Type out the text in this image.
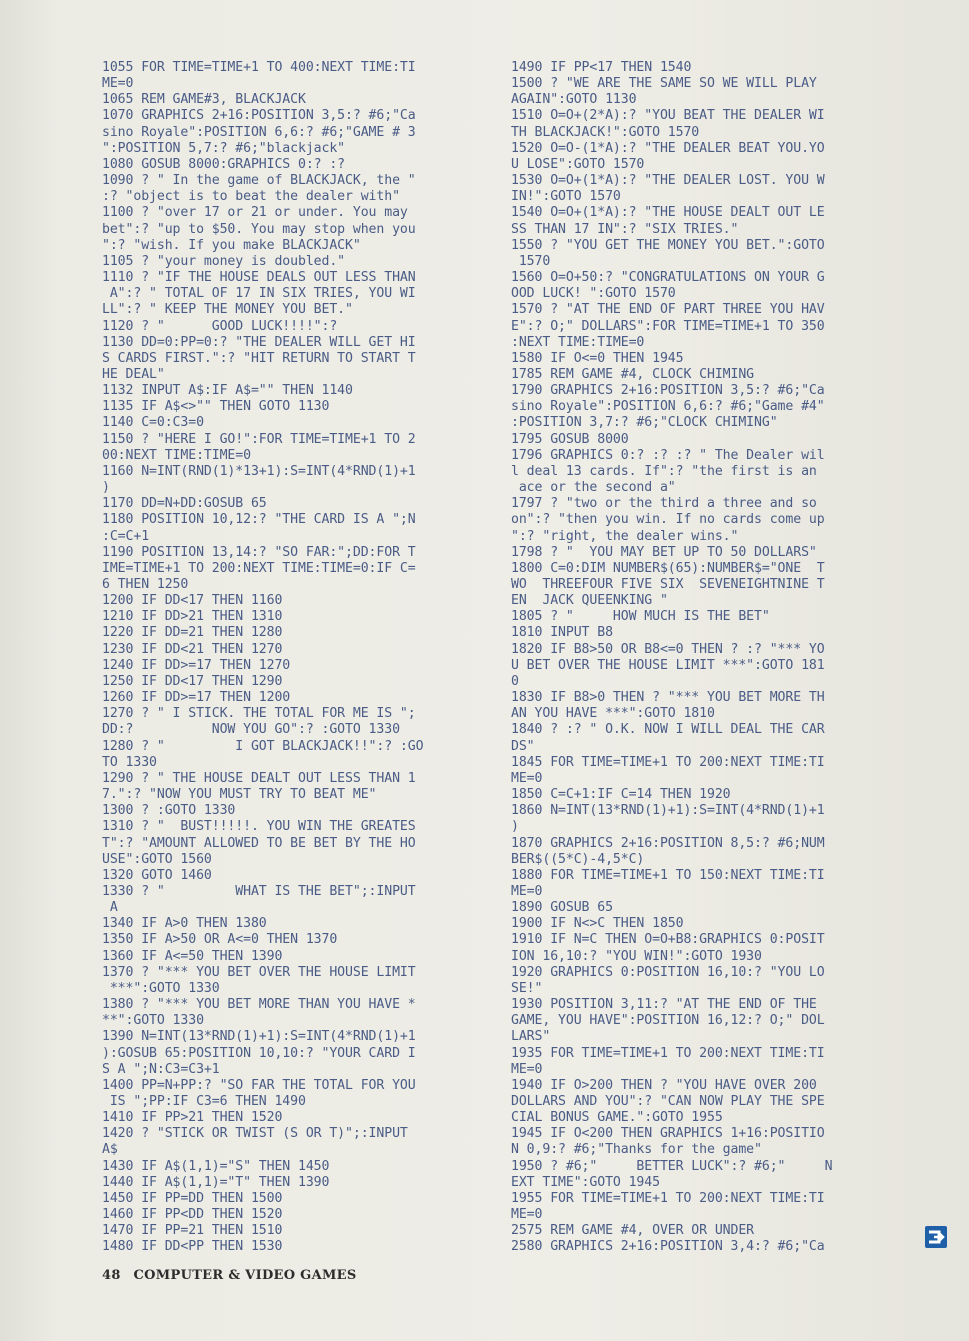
1055 FOR TIME=TIME+1 TO 400:NEXT TIME:TI
ME=0
1065 REM GAME#3, BLACKJACK
1070 GRAPHICS 2+16:POSITION 3,5:? #6;"Ca
sino Royale":POSITION 6,6:? #6;"GAME # 3
":POSITION 5,7:? #6;"blackjack"
1080 GOSUB 8000:GRAPHICS 0:? :?
1090 ? " In the game of BLACKJACK, the "
:? "object is to beat the dealer with"
1100 ? "over 17 or 21 or under. You may
bet":? "up to $50. You may stop when you
":? "wish. If you make BLACKJACK"
1105 ? "your money is doubled."
1110 ? "IF THE HOUSE DEALS OUT LESS THAN
A":? " TOTAL OF 17 IN SIX TRIES, YOU WI
LL":? " KEEP THE MONEY YOU BET."
1120 ? "      GOOD LUCK!!!!":?
1130 DD=0:PP=0:? "THE DEALER WILL GET HI
S CARDS FIRST.":? "HIT RETURN TO START T
HE DEAL"
1132 INPUT A$:IF A$="" THEN 1140
1135 IF A$<>"" THEN GOTO 1130
1140 C=0:C3=0
1150 ? "HERE I GO!":FOR TIME=TIME+1 TO 2
00:NEXT TIME:TIME=0
1160 N=INT(RND(1)*13+1):S=INT(4*RND(1)+1
)
1170 DD=N+DD:GOSUB 65
1180 POSITION 10,12:? "THE CARD IS A ";N
:C=C+1
1190 POSITION 13,14:? "SO FAR:";DD:FOR T
IME=TIME+1 TO 200:NEXT TIME:TIME=0:IF C=
6 THEN 1250
1200 IF DD<17 THEN 1160
1210 IF DD>21 THEN 1310
1220 IF DD=21 THEN 1280
1230 IF DD<21 THEN 1270
1240 IF DD>=17 THEN 1270
1250 IF DD<17 THEN 1290
1260 IF DD>=17 THEN 1200
1270 ? " I STICK. THE TOTAL FOR ME IS ";
DD:?          NOW YOU GO":? :GOTO 1330
1280 ? "         I GOT BLACKJACK!!":? :GO
TO 1330
1290 ? " THE HOUSE DEALT OUT LESS THAN 1
7.":? "NOW YOU MUST TRY TO BEAT ME"
1300 ? :GOTO 1330
1310 ? "  BUST!!!!!. YOU WIN THE GREATES
T":? "AMOUNT ALLOWED TO BE BET BY THE HO
USE":GOTO 1560
1320 GOTO 1460
1330 ? "         WHAT IS THE BET";:INPUT
A
1340 IF A>0 THEN 1380
1350 IF A>50 OR A<=0 THEN 1370
1360 IF A<=50 THEN 1390
1370 ? "*** YOU BET OVER THE HOUSE LIMIT
***":GOTO 1330
1380 ? "*** YOU BET MORE THAN YOU HAVE *
**":GOTO 1330
1390 N=INT(13*RND(1)+1):S=INT(4*RND(1)+1
):GOSUB 65:POSITION 10,10:? "YOUR CARD I
S A ";N:C3=C3+1
1400 PP=N+PP:? "SO FAR THE TOTAL FOR YOU
IS ";PP:IF C3=6 THEN 1490
1410 IF PP>21 THEN 1520
1420 ? "STICK OR TWIST (S OR T)";:INPUT
A$
1430 IF A$(1,1)="S" THEN 1450
1440 IF A$(1,1)="T" THEN 1390
1450 IF PP=DD THEN 1500
1460 IF PP<DD THEN 1520
1470 IF PP=21 THEN 1510
1480 IF DD<PP THEN 1530
1490 IF PP<17 THEN 1540
1500 ? "WE ARE THE SAME SO WE WILL PLAY
AGAIN":GOTO 1130
1510 O=O+(2*A):? "YOU BEAT THE DEALER WI
TH BLACKJACK!":GOTO 1570
1520 O=O-(1*A):? "THE DEALER BEAT YOU.YO
U LOSE":GOTO 1570
1530 O=O+(1*A):? "THE DEALER LOST. YOU W
IN!":GOTO 1570
1540 O=O+(1*A):? "THE HOUSE DEALT OUT LE
SS THAN 17 IN":? "SIX TRIES."
1550 ? "YOU GET THE MONEY YOU BET.":GOTO
1570
1560 O=O+50:? "CONGRATULATIONS ON YOUR G
OOD LUCK! ":GOTO 1570
1570 ? "AT THE END OF PART THREE YOU HAV
E":? O;" DOLLARS":FOR TIME=TIME+1 TO 350
:NEXT TIME:TIME=0
1580 IF O<=0 THEN 1945
1785 REM GAME #4, CLOCK CHIMING
1790 GRAPHICS 2+16:POSITION 3,5:? #6;"Ca
sino Royale":POSITION 6,6:? #6;"Game #4"
:POSITION 3,7:? #6;"CLOCK CHIMING"
1795 GOSUB 8000
1796 GRAPHICS 0:? :? :? " The Dealer wil
l deal 13 cards. If":? "the first is an
ace or the second a"
1797 ? "two or the third a three and so
on":? "then you win. If no cards come up
":? "right, the dealer wins."
1798 ? "  YOU MAY BET UP TO 50 DOLLARS"
1800 C=0:DIM NUMBER$(65):NUMBER$="ONE  T
WO  THREEFOUR FIVE SIX  SEVENEIGHTNINE T
EN  JACK QUEENKING "
1805 ? "     HOW MUCH IS THE BET"
1810 INPUT B8
1820 IF B8>50 OR B8<=0 THEN ? :? "*** YO
U BET OVER THE HOUSE LIMIT ***":GOTO 181
0
1830 IF B8>0 THEN ? "*** YOU BET MORE TH
AN YOU HAVE ***":GOTO 1810
1840 ? :? " O.K. NOW I WILL DEAL THE CAR
DS"
1845 FOR TIME=TIME+1 TO 200:NEXT TIME:TI
ME=0
1850 C=C+1:IF C=14 THEN 1920
1860 N=INT(13*RND(1)+1):S=INT(4*RND(1)+1
)
1870 GRAPHICS 2+16:POSITION 8,5:? #6;NUM
BER$((5*C)-4,5*C)
1880 FOR TIME=TIME+1 TO 150:NEXT TIME:TI
ME=0
1890 GOSUB 65
1900 IF N<>C THEN 1850
1910 IF N=C THEN O=O+B8:GRAPHICS 0:POSIT
ION 16,10:? "YOU WIN!":GOTO 1930
1920 GRAPHICS 0:POSITION 16,10:? "YOU LO
SE!"
1930 POSITION 3,11:? "AT THE END OF THE
GAME, YOU HAVE":POSITION 16,12:? O;" DOL
LARS"
1935 FOR TIME=TIME+1 TO 200:NEXT TIME:TI
ME=0
1940 IF O>200 THEN ? "YOU HAVE OVER 200
DOLLARS AND YOU":? "CAN NOW PLAY THE SPE
CIAL BONUS GAME.":GOTO 1955
1945 IF O<200 THEN GRAPHICS 1+16:POSITIO
N 0,9:? #6;"Thanks for the game"
1950 ? #6;"     BETTER LUCK":? #6;"     N
EXT TIME":GOTO 1945
1955 FOR TIME=TIME+1 TO 200:NEXT TIME:TI
ME=0
2575 REM GAME #4, OVER OR UNDER
2580 GRAPHICS 2+16:POSITION 3,4:? #6;"Ca
48 COMPUTER & VIDEO GAMES
